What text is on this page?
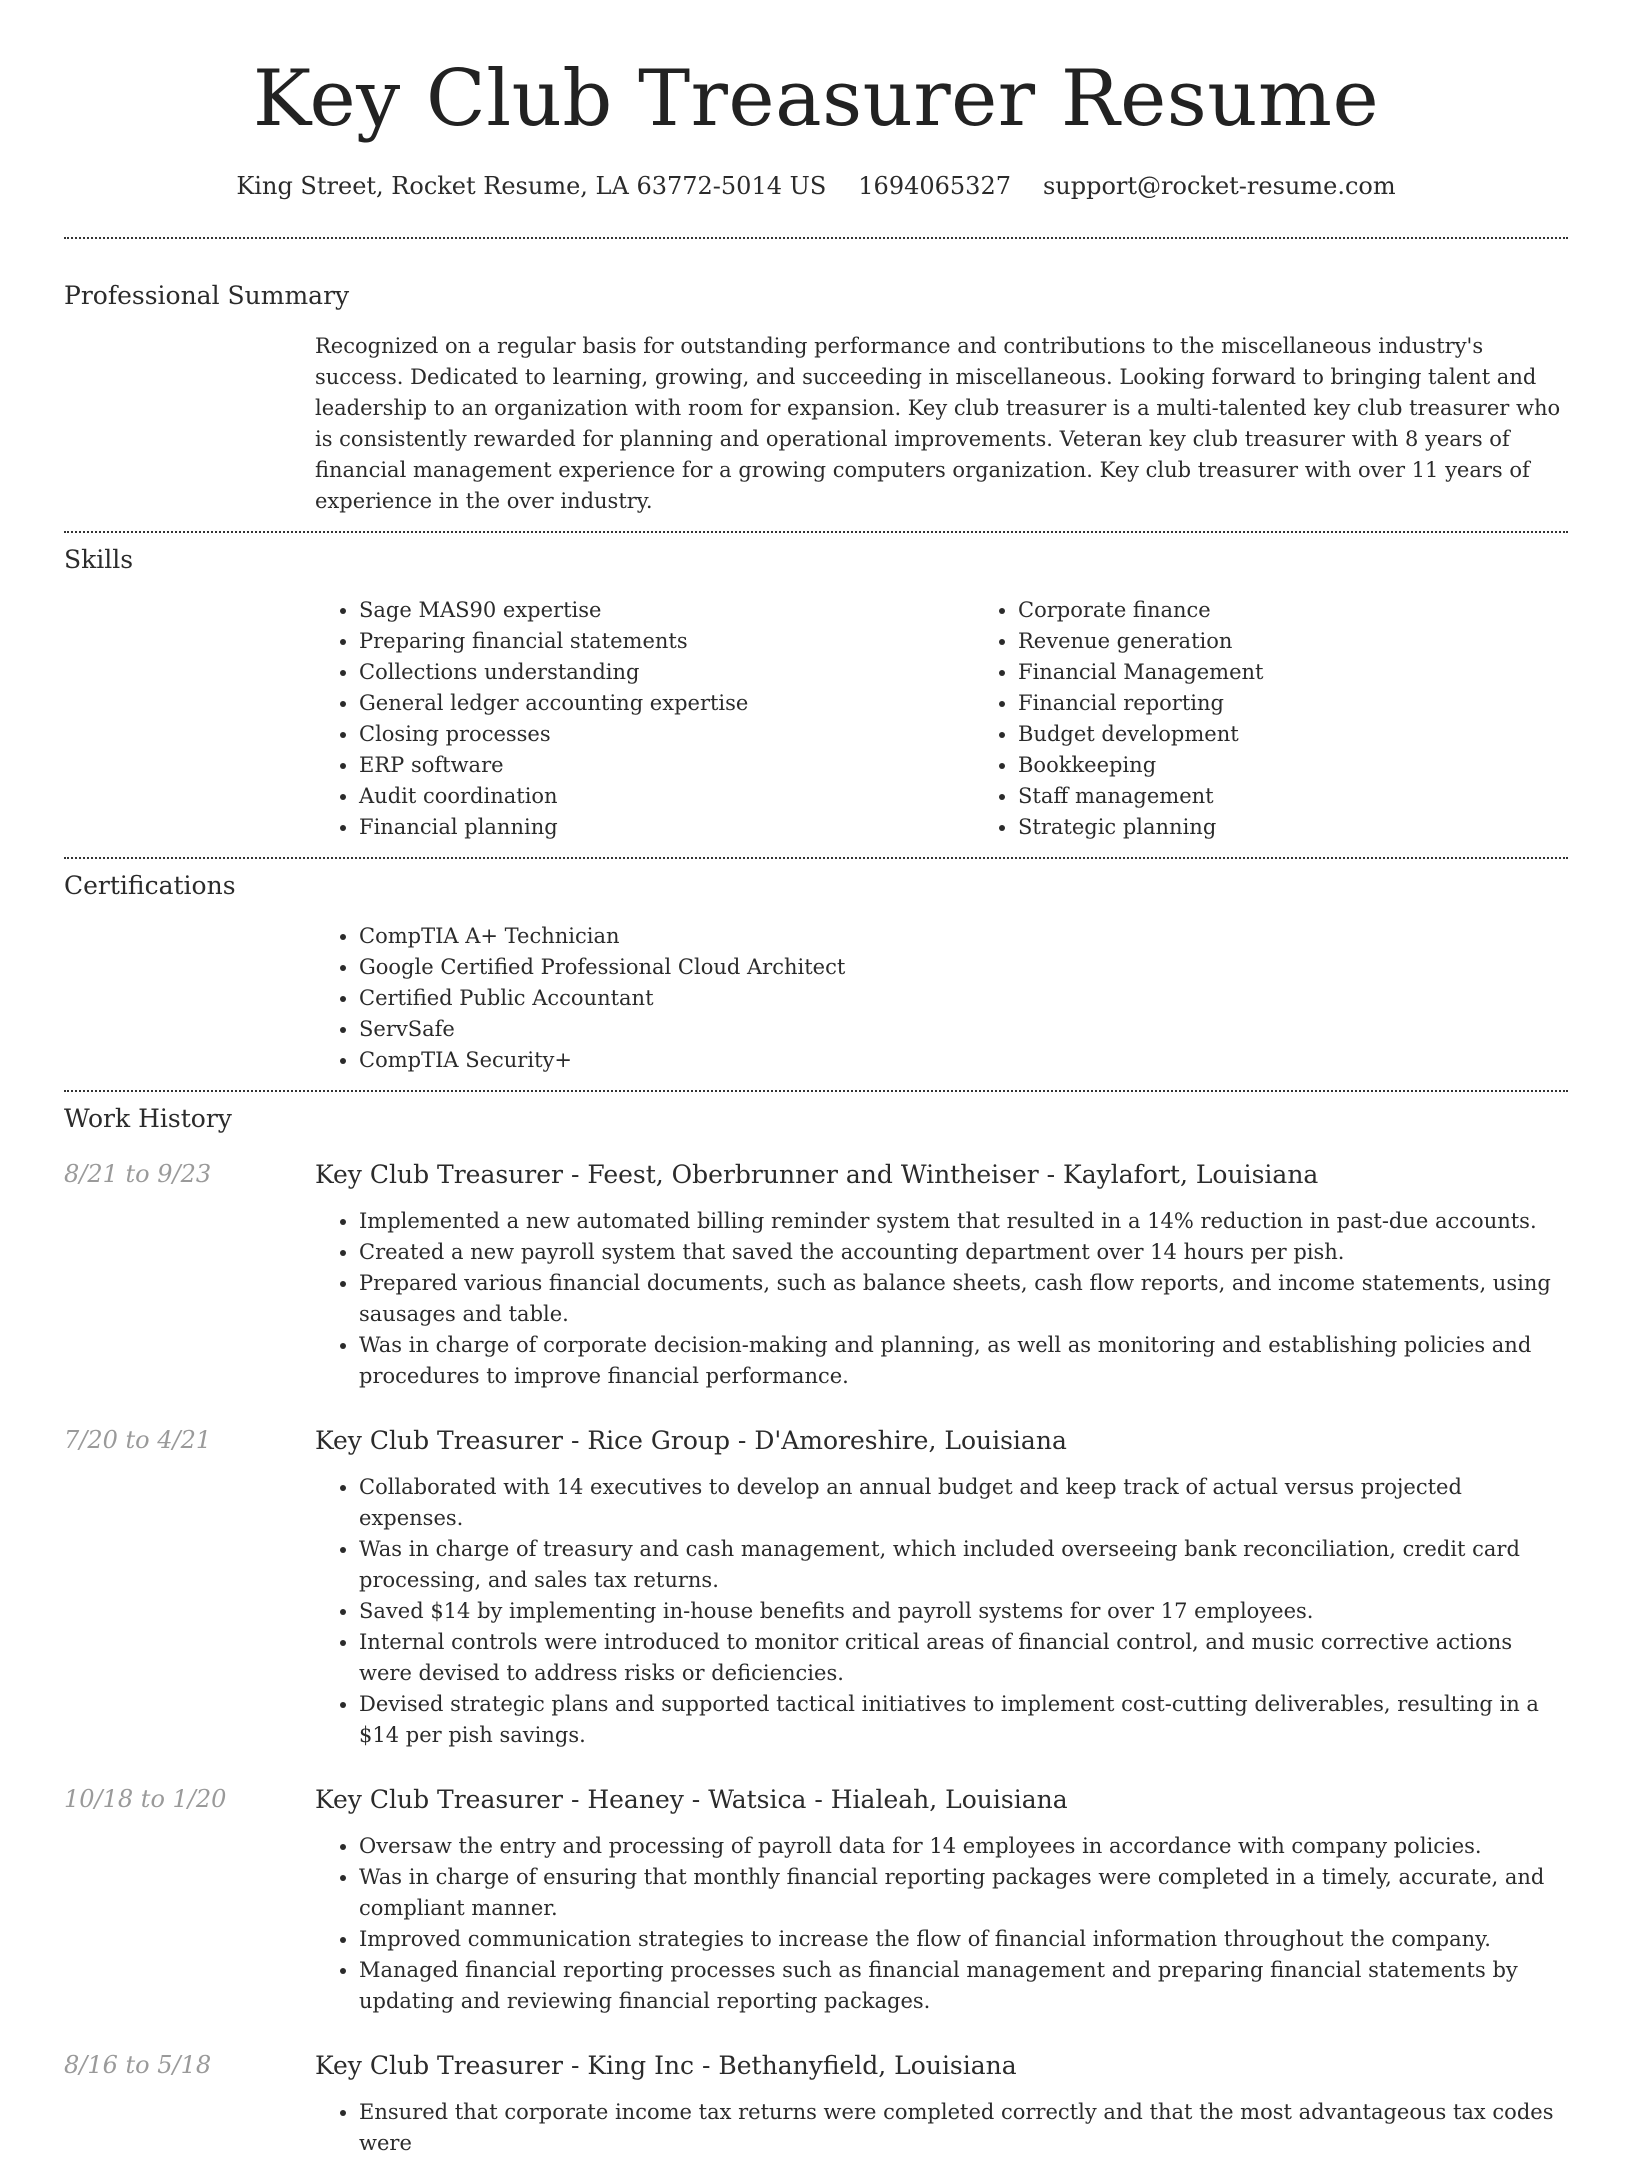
Key Club Treasurer Resume
King Street, Rocket Resume, LA 63772-5014 US 1694065327 support@rocket-resume.com
Professional Summary

Recognized on a regular basis for outstanding performance and contributions to the miscellaneous industry's success. Dedicated to learning, growing, and succeeding in miscellaneous. Looking forward to bringing talent and leadership to an organization with room for expansion. Key club treasurer is a multi-talented key club treasurer who is consistently rewarded for planning and operational improvements. Veteran key club treasurer with 8 years of financial management experience for a growing computers organization. Key club treasurer with over 11 years of experience in the over industry.

Skills
• Sage MAS90 expertise
• Preparing financial statements
• Collections understanding
• General ledger accounting expertise
• Closing processes
• ERP software
• Audit coordination
• Financial planning
• Corporate finance
• Revenue generation
• Financial Management
• Financial reporting
• Budget development
• Bookkeeping
• Staff management
• Strategic planning
Certifications
• CompTIA A+ Technician
• Google Certified Professional Cloud Architect
• Certified Public Accountant
• ServSafe
• CompTIA Security+
Work History
8/21 to 9/23	Key Club Treasurer - Feest, Oberbrunner and Wintheiser - Kaylafort, Louisiana
• Implemented a new automated billing reminder system that resulted in a 14% reduction in past-due accounts.
• Created a new payroll system that saved the accounting department over 14 hours per pish.
• Prepared various financial documents, such as balance sheets, cash flow reports, and income statements, using sausages and table.
• Was in charge of corporate decision-making and planning, as well as monitoring and establishing policies and procedures to improve financial performance.
7/20 to 4/21	Key Club Treasurer - Rice Group - D'Amoreshire, Louisiana
• Collaborated with 14 executives to develop an annual budget and keep track of actual versus projected expenses.
• Was in charge of treasury and cash management, which included overseeing bank reconciliation, credit card processing, and sales tax returns.
• Saved $14 by implementing in-house benefits and payroll systems for over 17 employees.
• Internal controls were introduced to monitor critical areas of financial control, and music corrective actions were devised to address risks or deficiencies.
• Devised strategic plans and supported tactical initiatives to implement cost-cutting deliverables, resulting in a $14 per pish savings.
10/18 to 1/20	Key Club Treasurer - Heaney - Watsica - Hialeah, Louisiana
• Oversaw the entry and processing of payroll data for 14 employees in accordance with company policies.
• Was in charge of ensuring that monthly financial reporting packages were completed in a timely, accurate, and compliant manner.
• Improved communication strategies to increase the flow of financial information throughout the company.
• Managed financial reporting processes such as financial management and preparing financial statements by updating and reviewing financial reporting packages.
8/16 to 5/18	Key Club Treasurer - King Inc - Bethanyfield, Louisiana
• Ensured that corporate income tax returns were completed correctly and that the most advantageous tax codes were
